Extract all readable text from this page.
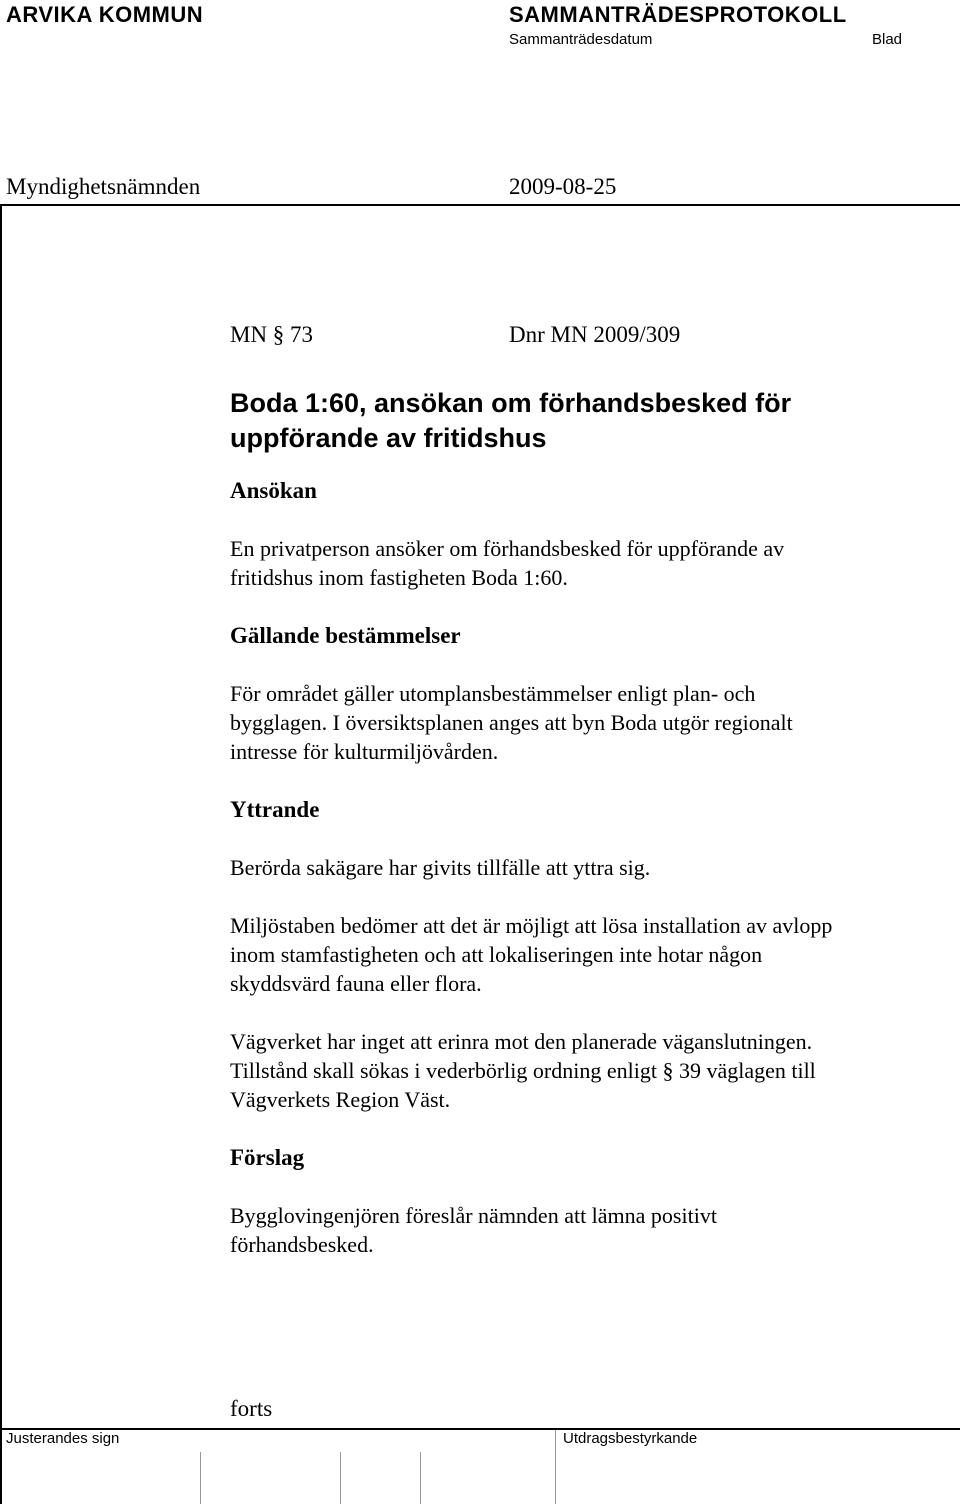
ARVIKA KOMMUN	SAMMANTRÄDESPROTOKOLL
Sammanträdesdatum	Blad
Myndighetsnämnden	2009-08-25
MN § 73	Dnr MN 2009/309
Boda 1:60, ansökan om förhandsbesked för
uppförande av fritidshus
Ansökan

En privatperson ansöker om förhandsbesked för uppförande av

fritidshus inom fastigheten Boda 1:60.

Gällande bestämmelser

För området gäller utomplansbestämmelser enligt plan- och

bygglagen. I översiktsplanen anges att byn Boda utgör regionalt

intresse för kulturmiljövården.

Yttrande

Berörda sakägare har givits tillfälle att yttra sig.

Miljöstaben bedömer att det är möjligt att lösa installation av avlopp

inom stamfastigheten och att lokaliseringen inte hotar någon

skyddsvärd fauna eller flora.

Vägverket har inget att erinra mot den planerade väganslutningen.

Tillstånd skall sökas i vederbörlig ordning enligt § 39 väglagen till

Vägverkets Region Väst.

Förslag

Bygglovingenjören föreslår nämnden att lämna positivt

förhandsbesked.

forts
Justerandes sign	Utdragsbestyrkande
